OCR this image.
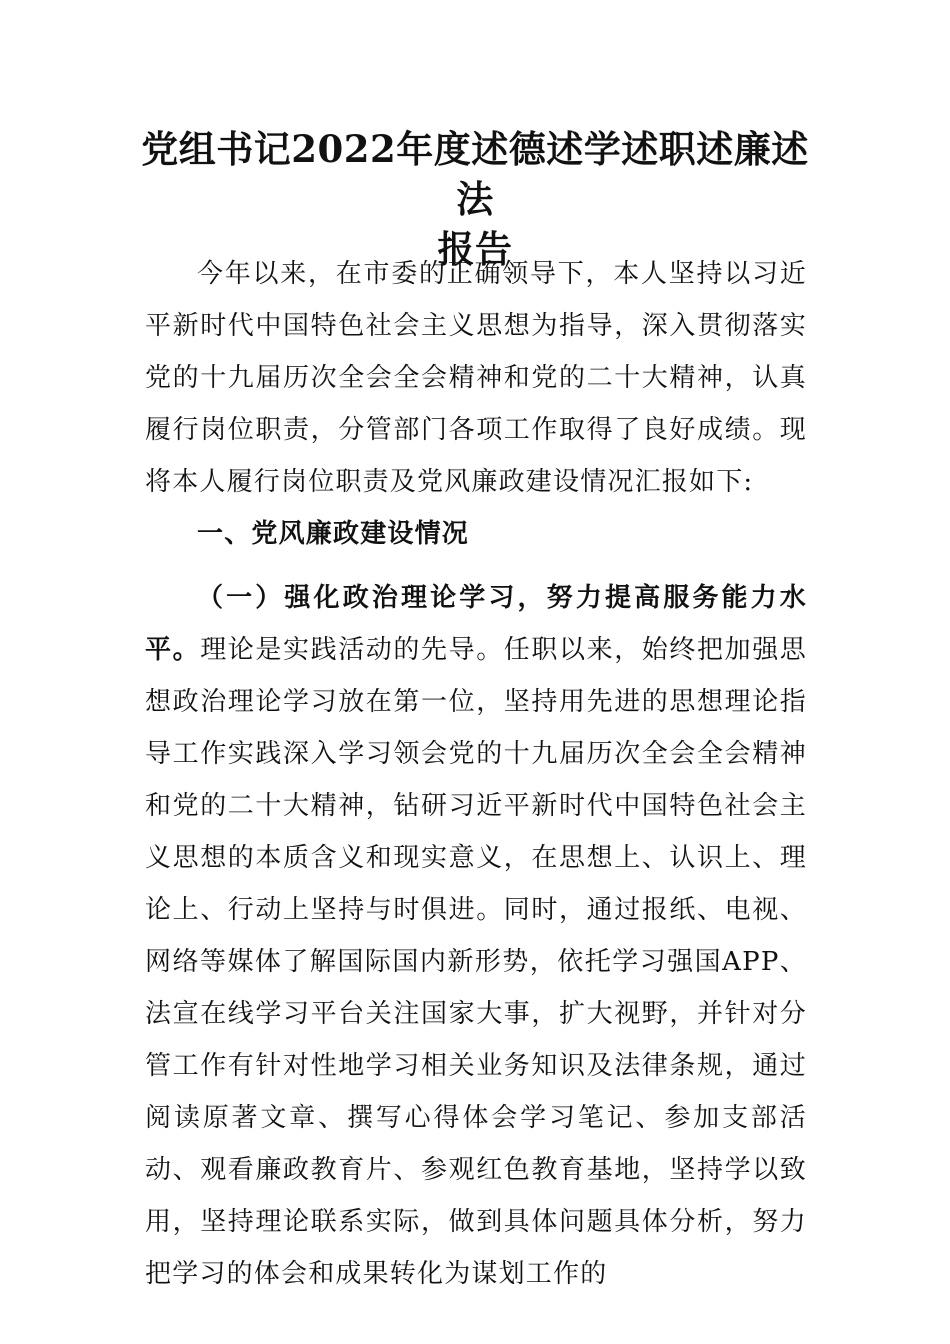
党组书记2022年度述德述学述职述廉述法
报告

今年以来，在市委的正确领导下，本人坚持以习近平新时代中国特色社会主义思想为指导，深入贯彻落实党的十九届历次全会全会精神和党的二十大精神，认真履行岗位职责，分管部门各项工作取得了良好成绩。现将本人履行岗位职责及党风廉政建设情况汇报如下:

一、党风廉政建设情况

（一）强化政治理论学习，努力提高服务能力水平。理论是实践活动的先导。任职以来，始终把加强思想政治理论学习放在第一位，坚持用先进的思想理论指导工作实践深入学习领会党的十九届历次全会全会精神和党的二十大精神，钻研习近平新时代中国特色社会主义思想的本质含义和现实意义，在思想上、认识上、理论上、行动上坚持与时俱进。同时，通过报纸、电视、网络等媒体了解国际国内新形势，依托学习强国APP、法宣在线学习平台关注国家大事，扩大视野，并针对分管工作有针对性地学习相关业务知识及法律条规，通过阅读原著文章、撰写心得体会学习笔记、参加支部活动、观看廉政教育片、参观红色教育基地，坚持学以致用，坚持理论联系实际，做到具体问题具体分析，努力把学习的体会和成果转化为谋划工作的
